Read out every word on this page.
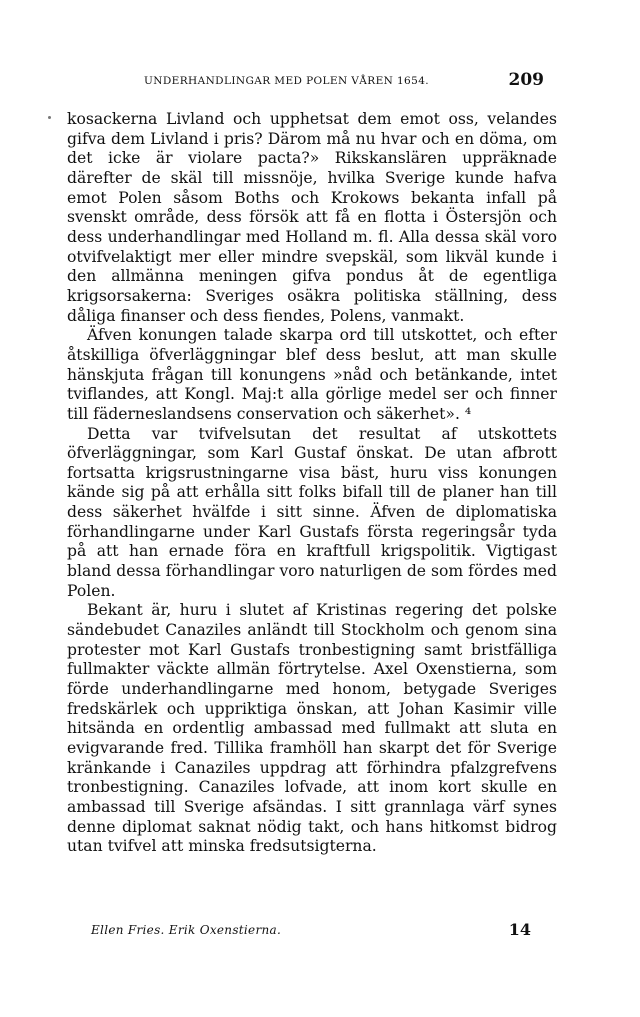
UNDERHANDLINGAR MED POLEN VÅREN 1654.	209

kosackerna Livland och upphetsat dem emot oss, velandes gifva dem Livland i pris? Därom må nu hvar och en döma, om det icke är violare pacta?» Rikskanslären uppräknade därefter de skäl till missnöje, hvilka Sverige kunde hafva emot Polen såsom Boths och Krokows bekanta infall på svenskt område, dess försök att få en flotta i Östersjön och dess underhandlingar med Holland m. fl. Alla dessa skäl voro otvifvelaktigt mer eller mindre svepskäl, som likväl kunde i den allmänna meningen gifva pondus åt de egentliga krigsorsakerna: Sveriges osäkra politiska ställning, dess dåliga finanser och dess fiendes, Polens, vanmakt.

Äfven konungen talade skarpa ord till utskottet, och efter åtskilliga öfverläggningar blef dess beslut, att man skulle hänskjuta frågan till konungens »nåd och betänkande, intet tviflandes, att Kongl. Maj:t alla görlige medel ser och finner till fäderneslandsens conservation och säkerhet». ⁴

Detta var tvifvelsutan det resultat af utskottets öfverläggningar, som Karl Gustaf önskat. De utan afbrott fortsatta krigsrustningarne visa bäst, huru viss konungen kände sig på att erhålla sitt folks bifall till de planer han till dess säkerhet hvälfde i sitt sinne. Äfven de diplomatiska förhandlingarne under Karl Gustafs första regeringsår tyda på att han ernade föra en kraftfull krigspolitik. Vigtigast bland dessa förhandlingar voro naturligen de som fördes med Polen.

Bekant är, huru i slutet af Kristinas regering det polske sändebudet Canaziles anländt till Stockholm och genom sina protester mot Karl Gustafs tronbestigning samt bristfälliga fullmakter väckte allmän förtrytelse. Axel Oxenstierna, som förde underhandlingarne med honom, betygade Sveriges fredskärlek och uppriktiga önskan, att Johan Kasimir ville hitsända en ordentlig ambassad med fullmakt att sluta en evigvarande fred. Tillika framhöll han skarpt det för Sverige kränkande i Canaziles uppdrag att förhindra pfalzgrefvens tronbestigning. Canaziles lofvade, att inom kort skulle en ambassad till Sverige afsändas. I sitt grannlaga värf synes denne diplomat saknat nödig takt, och hans hitkomst bidrog utan tvifvel att minska fredsutsigterna.

Ellen Fries. Erik Oxenstierna.	14
